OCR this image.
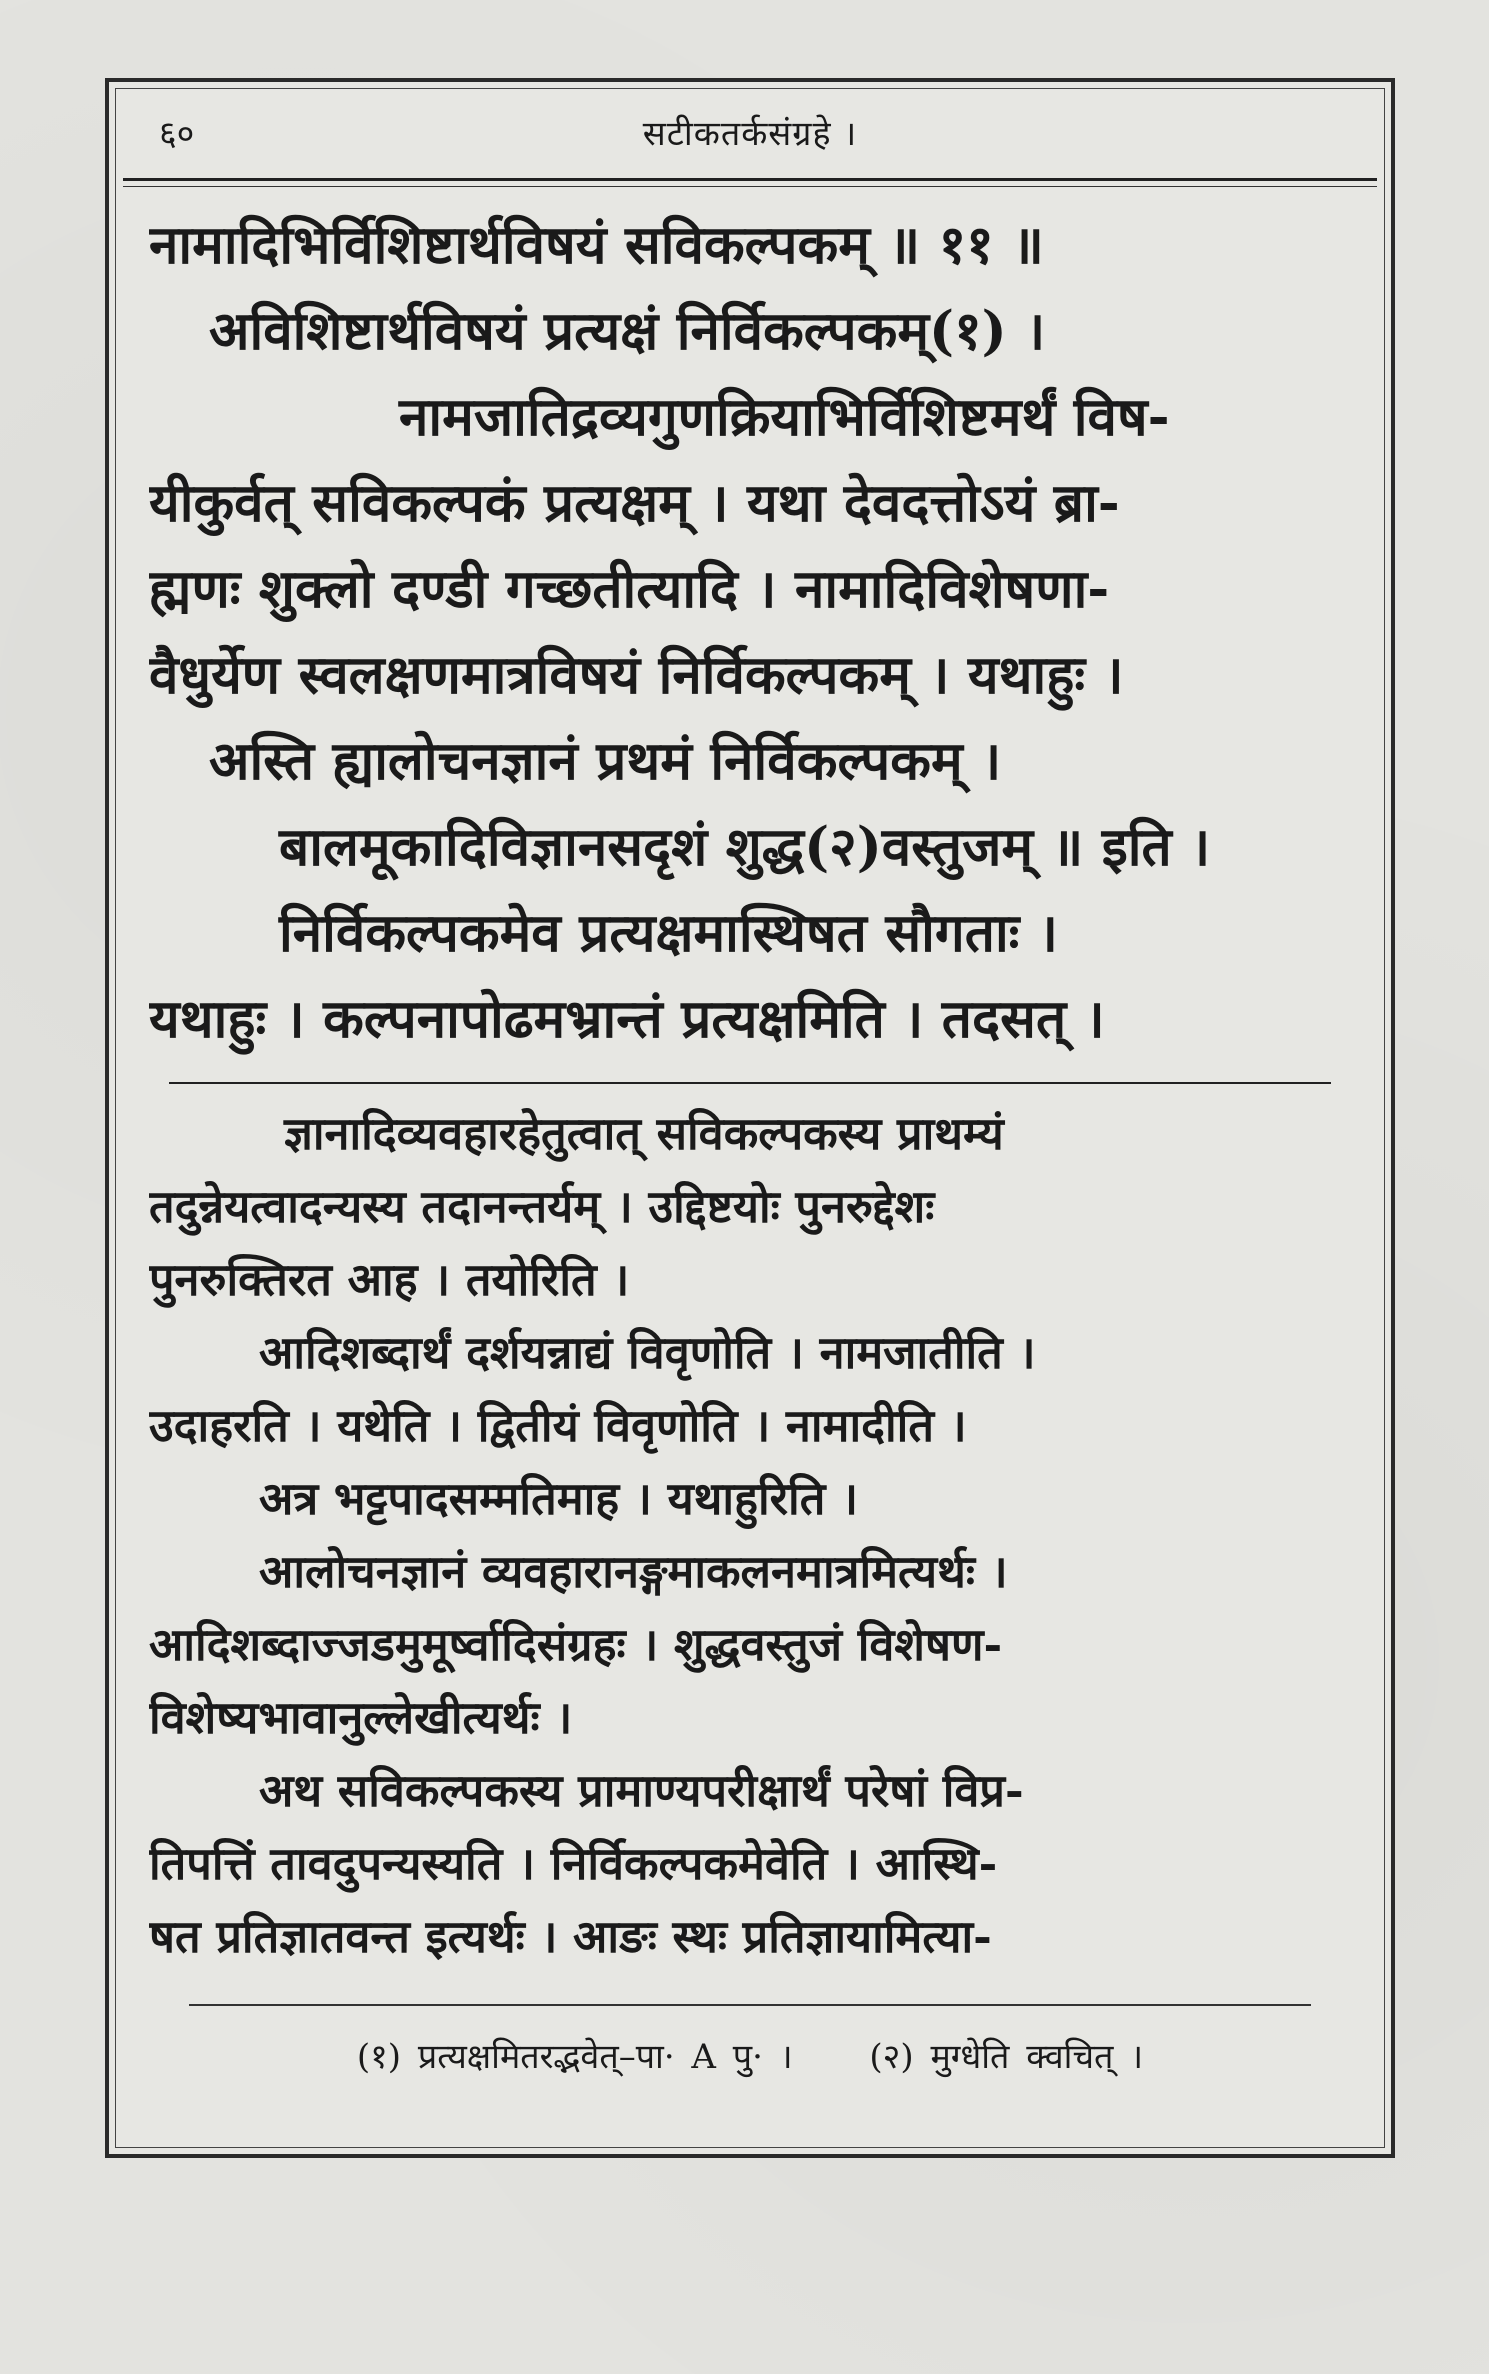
६०	सटीकतर्कसंग्रहे ।
नामादिभिर्विशिष्टार्थविषयं सविकल्पकम् ॥ ११ ॥
अविशिष्टार्थविषयं प्रत्यक्षं निर्विकल्पकम्(१) ।
नामजातिद्रव्यगुणक्रियाभिर्विशिष्टमर्थं विष-
यीकुर्वत् सविकल्पकं प्रत्यक्षम् । यथा देवदत्तोऽयं ब्रा-
ह्मणः शुक्लो दण्डी गच्छतीत्यादि । नामादिविशेषणा-
वैधुर्येण स्वलक्षणमात्रविषयं निर्विकल्पकम् । यथाहुः ।
अस्ति ह्यालोचनज्ञानं प्रथमं निर्विकल्पकम् ।
बालमूकादिविज्ञानसदृशं शुद्ध(२)वस्तुजम् ॥ इति ।
निर्विकल्पकमेव प्रत्यक्षमास्थिषत सौगताः ।
यथाहुः । कल्पनापोढमभ्रान्तं प्रत्यक्षमिति । तदसत् ।
ज्ञानादिव्यवहारहेतुत्वात् सविकल्पकस्य प्राथम्यं
तदुन्नेयत्वादन्यस्य तदानन्तर्यम् । उद्दिष्टयोः पुनरुद्देशः
पुनरुक्तिरत आह । तयोरिति ।
आदिशब्दार्थं दर्शयन्नाद्यं विवृणोति । नामजातीति ।
उदाहरति । यथेति । द्वितीयं विवृणोति । नामादीति ।
अत्र भट्टपादसम्मतिमाह । यथाहुरिति ।
आलोचनज्ञानं व्यवहारानङ्गमाकलनमात्रमित्यर्थः ।
आदिशब्दाज्जडमुमूर्ष्वादिसंग्रहः । शुद्धवस्तुजं विशेषण-
विशेष्यभावानुल्लेखीत्यर्थः ।
अथ सविकल्पकस्य प्रामाण्यपरीक्षार्थं परेषां विप्र-
तिपत्तिं तावदुपन्यस्यति । निर्विकल्पकमेवेति । आस्थि-
षत प्रतिज्ञातवन्त इत्यर्थः । आङः स्थः प्रतिज्ञायामित्या-
(१) प्रत्यक्षमितरद्भवेत्–पा· A पु· । (२) मुग्धेति क्वचित् ।
